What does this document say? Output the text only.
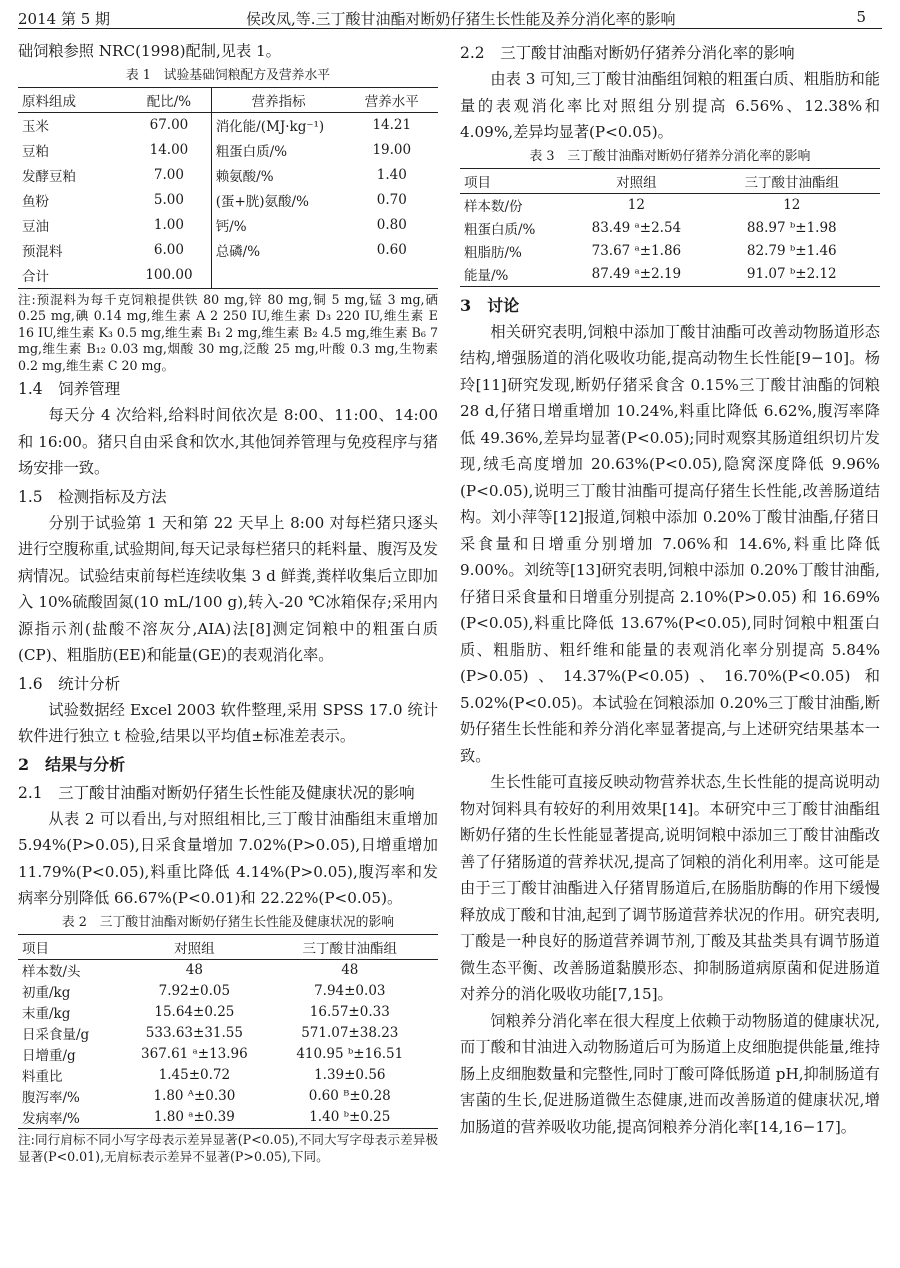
2014 第 5 期	侯改凤,等.三丁酸甘油酯对断奶仔猪生长性能及养分消化率的影响	5

础饲粮参照 NRC(1998)配制,见表 1。

表 1　试验基础饲粮配方及营养水平
原料组成	配比/%	营养指标	营养水平
玉米	67.00	消化能/(MJ·kg⁻¹)	14.21
豆粕	14.00	粗蛋白质/%	19.00
发酵豆粕	7.00	赖氨酸/%	1.40
鱼粉	5.00	(蛋+胱)氨酸/%	0.70
豆油	1.00	钙/%	0.80
预混料	6.00	总磷/%	0.60
合计	100.00		
注:预混料为每千克饲粮提供铁 80 mg,锌 80 mg,铜 5 mg,锰 3 mg,硒 0.25 mg,碘 0.14 mg,维生素 A 2 250 IU,维生素 D₃ 220 IU,维生素 E 16 IU,维生素 K₃ 0.5 mg,维生素 B₁ 2 mg,维生素 B₂ 4.5 mg,维生素 B₆ 7 mg,维生素 B₁₂ 0.03 mg,烟酸 30 mg,泛酸 25 mg,叶酸 0.3 mg,生物素 0.2 mg,维生素 C 20 mg。
1.4　饲养管理

每天分 4 次给料,给料时间依次是 8:00、11:00、14:00 和 16:00。猪只自由采食和饮水,其他饲养管理与免疫程序与猪场安排一致。

1.5　检测指标及方法

分别于试验第 1 天和第 22 天早上 8:00 对每栏猪只逐头进行空腹称重,试验期间,每天记录每栏猪只的耗料量、腹泻及发病情况。试验结束前每栏连续收集 3 d 鲜粪,粪样收集后立即加入 10%硫酸固氮(10 mL/100 g),转入-20 ℃冰箱保存;采用内源指示剂(盐酸不溶灰分,AIA)法[8]测定饲粮中的粗蛋白质(CP)、粗脂肪(EE)和能量(GE)的表观消化率。

1.6　统计分析

试验数据经 Excel 2003 软件整理,采用 SPSS 17.0 统计软件进行独立 t 检验,结果以平均值±标准差表示。

2　结果与分析
2.1　三丁酸甘油酯对断奶仔猪生长性能及健康状况的影响

从表 2 可以看出,与对照组相比,三丁酸甘油酯组末重增加 5.94%(P>0.05),日采食量增加 7.02%(P>0.05),日增重增加 11.79%(P<0.05),料重比降低 4.14%(P>0.05),腹泻率和发病率分别降低 66.67%(P<0.01)和 22.22%(P<0.05)。

表 2　三丁酸甘油酯对断奶仔猪生长性能及健康状况的影响
项目	对照组	三丁酸甘油酯组
样本数/头	48	48
初重/kg	7.92±0.05	7.94±0.03
末重/kg	15.64±0.25	16.57±0.33
日采食量/g	533.63±31.55	571.07±38.23
日增重/g	367.61 ᵃ±13.96	410.95 ᵇ±16.51
料重比	1.45±0.72	1.39±0.56
腹泻率/%	1.80 ᴬ±0.30	0.60 ᴮ±0.28
发病率/%	1.80 ᵃ±0.39	1.40 ᵇ±0.25
注:同行肩标不同小写字母表示差异显著(P<0.05),不同大写字母表示差异极显著(P<0.01),无肩标表示差异不显著(P>0.05),下同。
2.2　三丁酸甘油酯对断奶仔猪养分消化率的影响

由表 3 可知,三丁酸甘油酯组饲粮的粗蛋白质、粗脂肪和能量的表观消化率比对照组分别提高 6.56%、12.38%和 4.09%,差异均显著(P<0.05)。

表 3　三丁酸甘油酯对断奶仔猪养分消化率的影响
项目	对照组	三丁酸甘油酯组
样本数/份	12	12
粗蛋白质/%	83.49 ᵃ±2.54	88.97 ᵇ±1.98
粗脂肪/%	73.67 ᵃ±1.86	82.79 ᵇ±1.46
能量/%	87.49 ᵃ±2.19	91.07 ᵇ±2.12
3　讨论

相关研究表明,饲粮中添加丁酸甘油酯可改善动物肠道形态结构,增强肠道的消化吸收功能,提高动物生长性能[9−10]。杨玲[11]研究发现,断奶仔猪采食含 0.15%三丁酸甘油酯的饲粮 28 d,仔猪日增重增加 10.24%,料重比降低 6.62%,腹泻率降低 49.36%,差异均显著(P<0.05);同时观察其肠道组织切片发现,绒毛高度增加 20.63%(P<0.05),隐窝深度降低 9.96%(P<0.05),说明三丁酸甘油酯可提高仔猪生长性能,改善肠道结构。刘小萍等[12]报道,饲粮中添加 0.20%丁酸甘油酯,仔猪日采食量和日增重分别增加 7.06%和 14.6%,料重比降低 9.00%。刘统等[13]研究表明,饲粮中添加 0.20%丁酸甘油酯,仔猪日采食量和日增重分别提高 2.10%(P>0.05) 和 16.69%(P<0.05),料重比降低 13.67%(P<0.05),同时饲粮中粗蛋白质、粗脂肪、粗纤维和能量的表观消化率分别提高 5.84%(P>0.05)、14.37%(P<0.05)、16.70%(P<0.05) 和 5.02%(P<0.05)。本试验在饲粮添加 0.20%三丁酸甘油酯,断奶仔猪生长性能和养分消化率显著提高,与上述研究结果基本一致。

生长性能可直接反映动物营养状态,生长性能的提高说明动物对饲料具有较好的利用效果[14]。本研究中三丁酸甘油酯组断奶仔猪的生长性能显著提高,说明饲粮中添加三丁酸甘油酯改善了仔猪肠道的营养状况,提高了饲粮的消化利用率。这可能是由于三丁酸甘油酯进入仔猪胃肠道后,在肠脂肪酶的作用下缓慢释放成丁酸和甘油,起到了调节肠道营养状况的作用。研究表明,丁酸是一种良好的肠道营养调节剂,丁酸及其盐类具有调节肠道微生态平衡、改善肠道黏膜形态、抑制肠道病原菌和促进肠道对养分的消化吸收功能[7,15]。

饲粮养分消化率在很大程度上依赖于动物肠道的健康状况,而丁酸和甘油进入动物肠道后可为肠道上皮细胞提供能量,维持肠上皮细胞数量和完整性,同时丁酸可降低肠道 pH,抑制肠道有害菌的生长,促进肠道微生态健康,进而改善肠道的健康状况,增加肠道的营养吸收功能,提高饲粮养分消化率[14,16−17]。
